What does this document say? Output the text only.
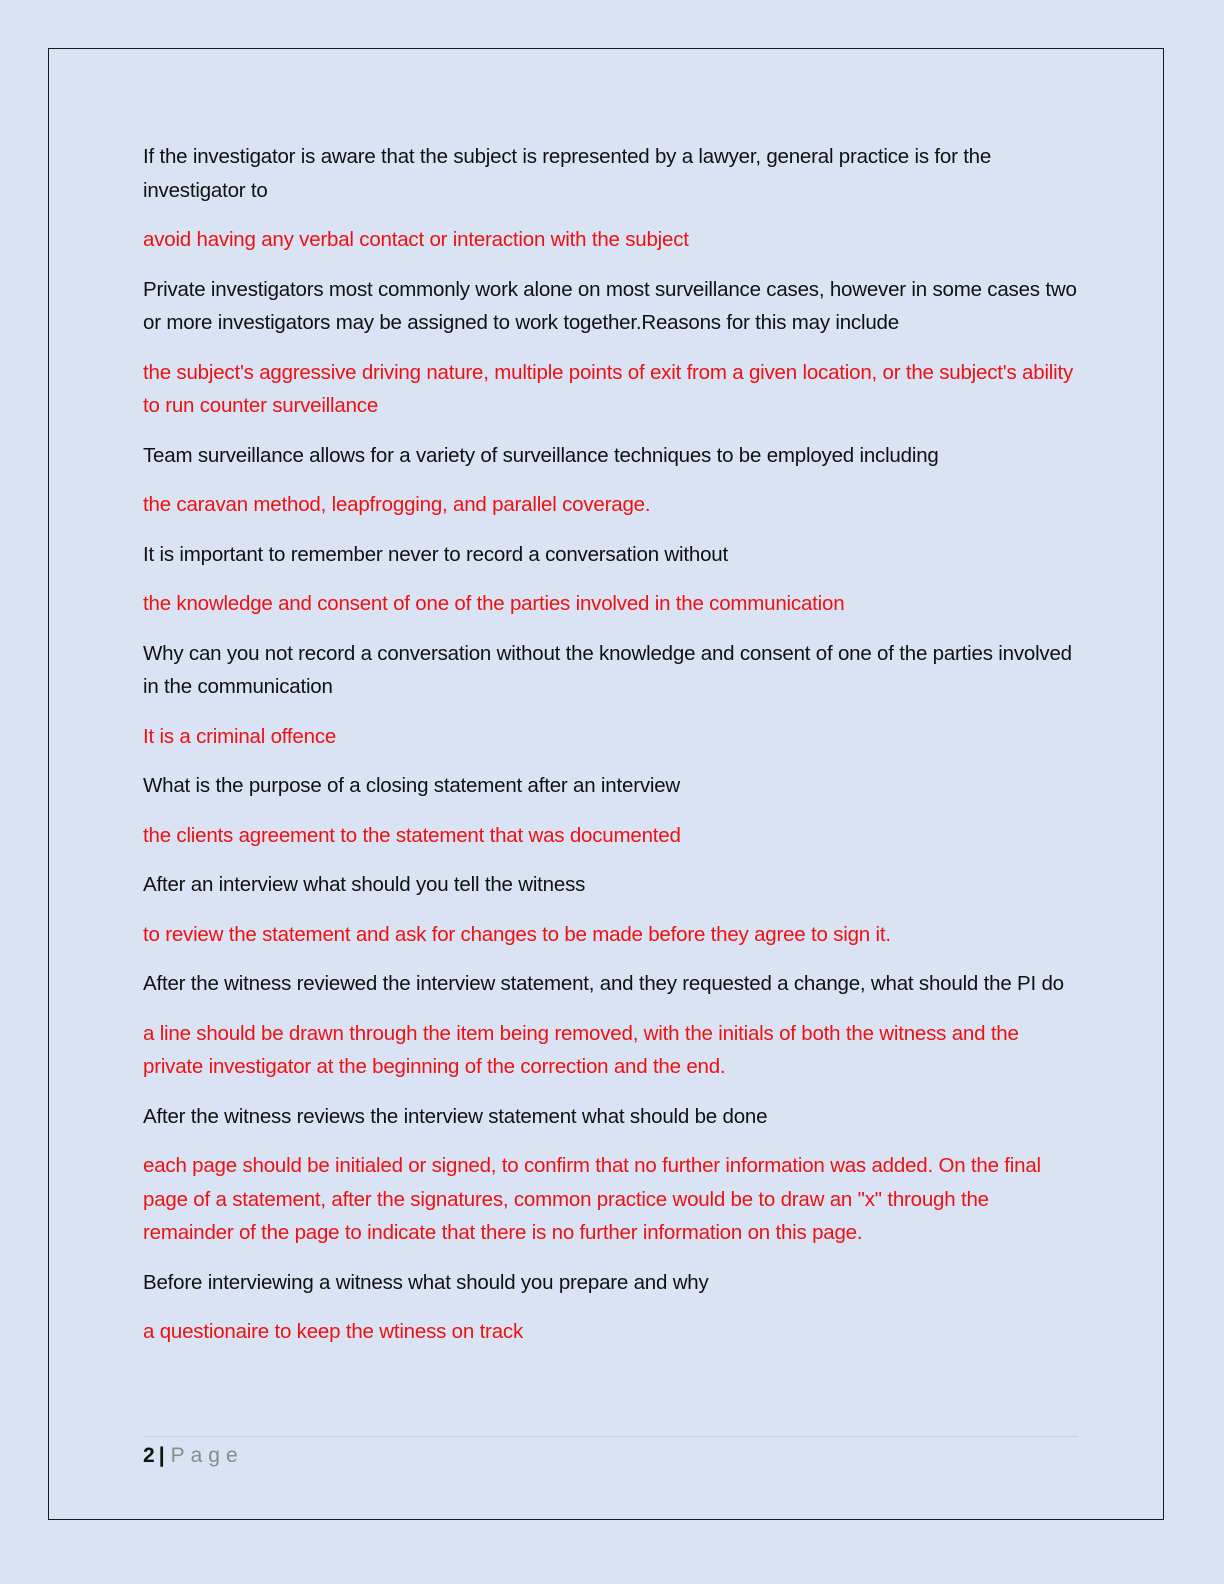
If the investigator is aware that the subject is represented by a lawyer, general practice is for the investigator to

avoid having any verbal contact or interaction with the subject

Private investigators most commonly work alone on most surveillance cases, however in some cases two or more investigators may be assigned to work together.Reasons for this may include

the subject's aggressive driving nature, multiple points of exit from a given location, or the subject's ability to run counter surveillance

Team surveillance allows for a variety of surveillance techniques to be employed including

the caravan method, leapfrogging, and parallel coverage.

It is important to remember never to record a conversation without

the knowledge and consent of one of the parties involved in the communication

Why can you not record a conversation without the knowledge and consent of one of the parties involved in the communication

It is a criminal offence

What is the purpose of a closing statement after an interview

the clients agreement to the statement that was documented

After an interview what should you tell the witness

to review the statement and ask for changes to be made before they agree to sign it.

After the witness reviewed the interview statement, and they requested a change, what should the PI do

a line should be drawn through the item being removed, with the initials of both the witness and the private investigator at the beginning of the correction and the end.

After the witness reviews the interview statement what should be done

each page should be initialed or signed, to confirm that no further information was added. On the final page of a statement, after the signatures, common practice would be to draw an "x" through the remainder of the page to indicate that there is no further information on this page.

Before interviewing a witness what should you prepare and why

a questionaire to keep the wtiness on track

2 | Page
